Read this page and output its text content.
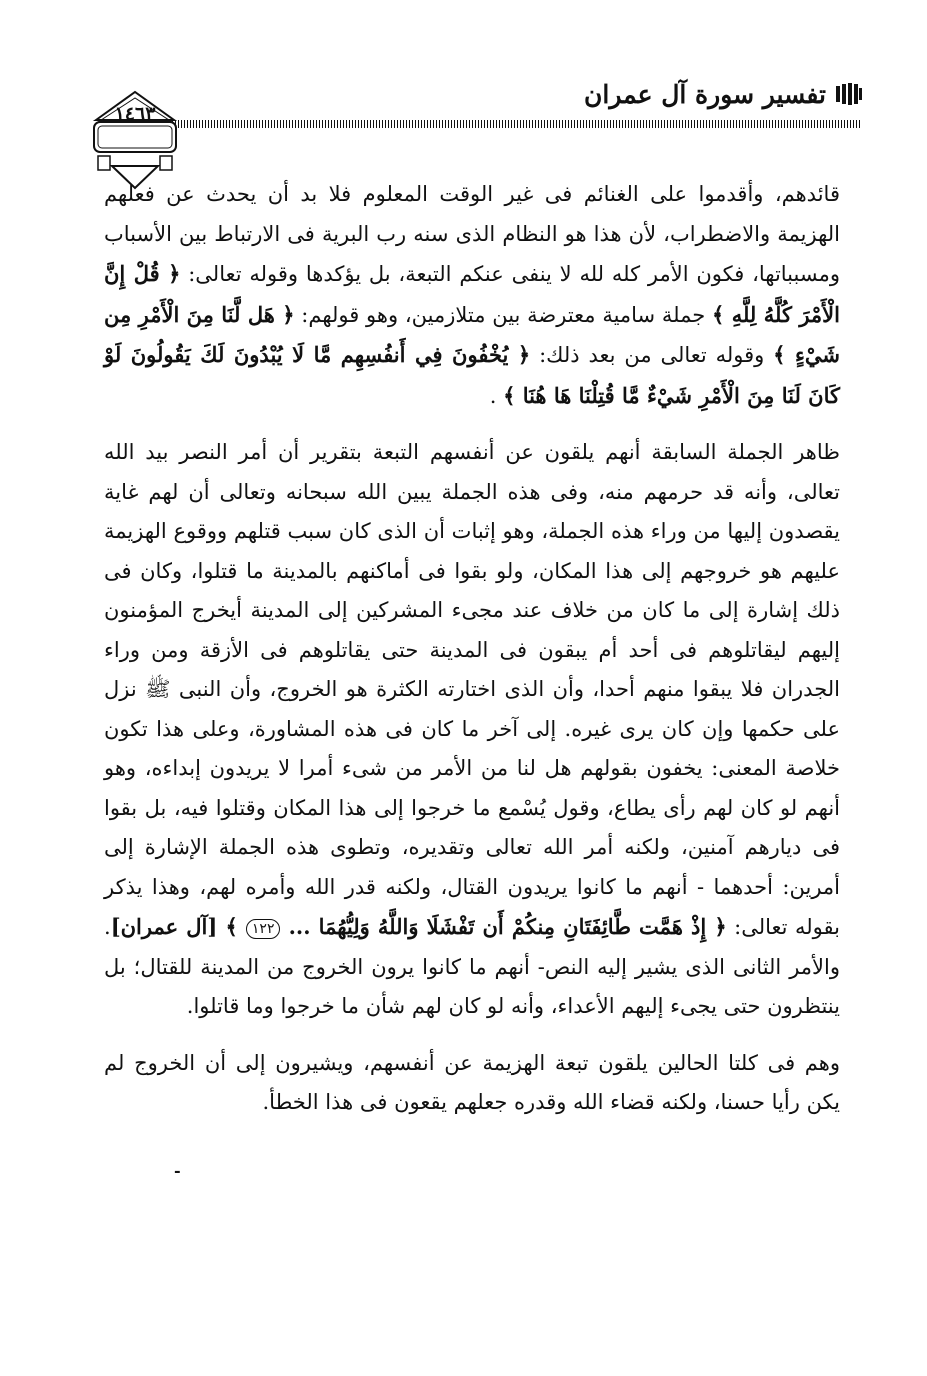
تفسير سورة آل عمران
١٤٦٣

قائدهم، وأقدموا على الغنائم فى غير الوقت المعلوم فلا بد أن يحدث عن فعلهم الهزيمة والاضطراب، لأن هذا هو النظام الذى سنه رب البرية فى الارتباط بين الأسباب ومسبباتها، فكون الأمر كله لله لا ينفى عنكم التبعة، بل يؤكدها وقوله تعالى: ﴿ قُلْ إِنَّ الْأَمْرَ كُلَّهُ لِلَّهِ ﴾ جملة سامية معترضة بين متلازمين، وهو قولهم: ﴿ هَل لَّنَا مِنَ الْأَمْرِ مِن شَيْءٍ ﴾ وقوله تعالى من بعد ذلك: ﴿ يُخْفُونَ فِي أَنفُسِهِم مَّا لَا يُبْدُونَ لَكَ يَقُولُونَ لَوْ كَانَ لَنَا مِنَ الْأَمْرِ شَيْءٌ مَّا قُتِلْنَا هَا هُنَا ﴾ .

ظاهر الجملة السابقة أنهم يلقون عن أنفسهم التبعة بتقرير أن أمر النصر بيد الله تعالى، وأنه قد حرمهم منه، وفى هذه الجملة يبين الله سبحانه وتعالى أن لهم غاية يقصدون إليها من وراء هذه الجملة، وهو إثبات أن الذى كان سبب قتلهم ووقوع الهزيمة عليهم هو خروجهم إلى هذا المكان، ولو بقوا فى أماكنهم بالمدينة ما قتلوا، وكان فى ذلك إشارة إلى ما كان من خلاف عند مجىء المشركين إلى المدينة أيخرج المؤمنون إليهم ليقاتلوهم فى أحد أم يبقون فى المدينة حتى يقاتلوهم فى الأزقة ومن وراء الجدران فلا يبقوا منهم أحدا، وأن الذى اختارته الكثرة هو الخروج، وأن النبى ﷺ نزل على حكمها وإن كان يرى غيره. إلى آخر ما كان فى هذه المشاورة، وعلى هذا تكون خلاصة المعنى: يخفون بقولهم هل لنا من الأمر من شىء أمرا لا يريدون إبداءه، وهو أنهم لو كان لهم رأى يطاع، وقول يُسْمع ما خرجوا إلى هذا المكان وقتلوا فيه، بل بقوا فى ديارهم آمنين، ولكنه أمر الله تعالى وتقديره، وتطوى هذه الجملة الإشارة إلى أمرين: أحدهما - أنهم ما كانوا يريدون القتال، ولكنه قدر الله وأمره لهم، وهذا يذكر بقوله تعالى: ﴿ إِذْ هَمَّت طَّائِفَتَانِ مِنكُمْ أَن تَفْشَلَا وَاللَّهُ وَلِيُّهُمَا ... ١٢٢ ﴾ [آل عمران]. والأمر الثانى الذى يشير إليه النص- أنهم ما كانوا يرون الخروج من المدينة للقتال؛ بل ينتظرون حتى يجىء إليهم الأعداء، وأنه لو كان لهم شأن ما خرجوا وما قاتلوا.

وهم فى كلتا الحالين يلقون تبعة الهزيمة عن أنفسهم، ويشيرون إلى أن الخروج لم يكن رأيا حسنا، ولكنه قضاء الله وقدره جعلهم يقعون فى هذا الخطأ.

-
